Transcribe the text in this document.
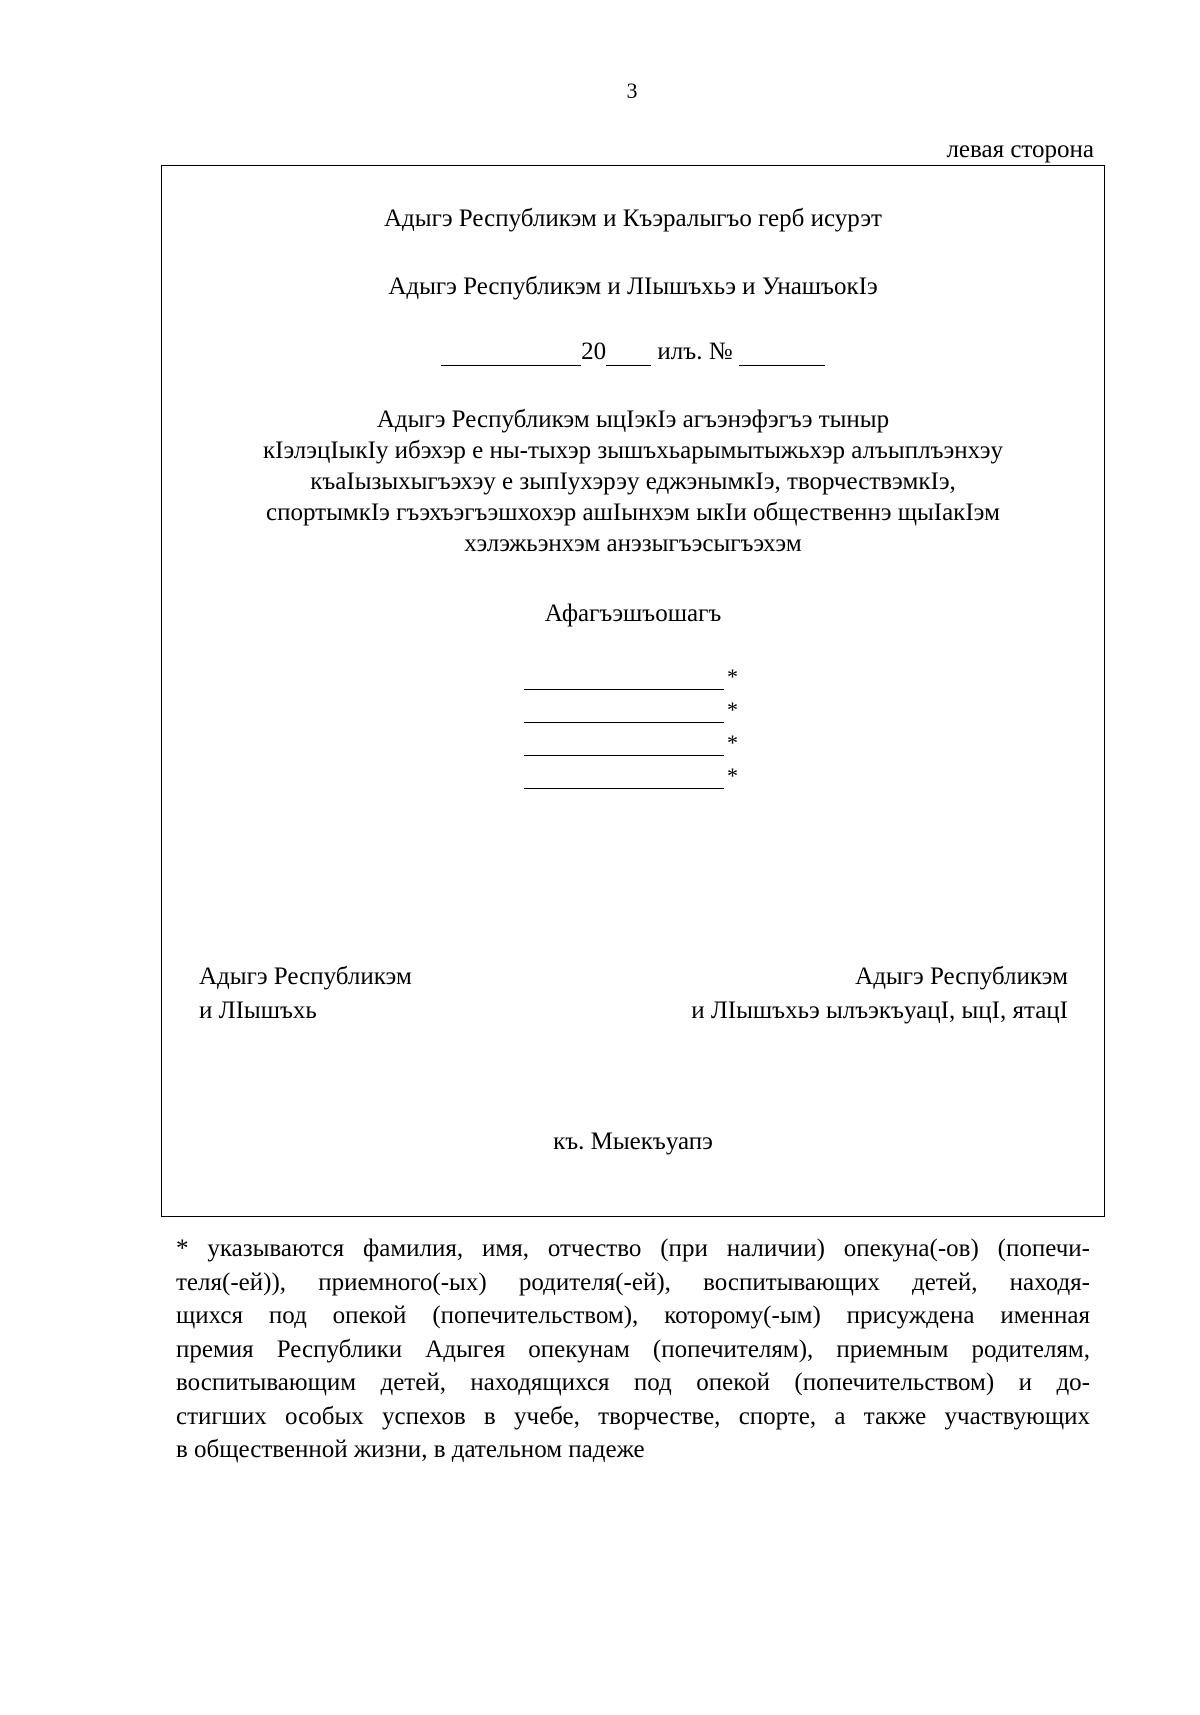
3
левая сторона
Адыгэ Республикэм и Къэралыгъо герб исурэт
Адыгэ Республикэм и ЛIышъхьэ и УнашъокIэ
20 илъ. №
Адыгэ Республикэм ыцIэкIэ агъэнэфэгъэ тыныр
кIэлэцIыкIу ибэхэр е ны-тыхэр зышъхьарымытыжьхэр алъыплъэнхэу
къаIызыхыгъэхэу е зыпIухэрэу еджэнымкIэ, творчествэмкIэ,
спортымкIэ гъэхъэгъэшхохэр ашIынхэм ыкIи общественнэ щыIакIэм
хэлэжьэнхэм анэзыгъэсыгъэхэм
Афагъэшъошагъ
*
*
*
*
Адыгэ Республикэм
и ЛIышъхь
Адыгэ Республикэм
и ЛIышъхьэ ылъэкъуацI, ыцI, ятацI
къ. Мыекъуапэ
* указываются фамилия, имя, отчество (при наличии) опекуна(-ов) (попечи-
теля(-ей)), приемного(-ых) родителя(-ей), воспитывающих детей, находя-
щихся под опекой (попечительством), которому(-ым) присуждена именная
премия Республики Адыгея опекунам (попечителям), приемным родителям,
воспитывающим детей, находящихся под опекой (попечительством) и до-
стигших особых успехов в учебе, творчестве, спорте, а также участвующих
в общественной жизни, в дательном падеже
